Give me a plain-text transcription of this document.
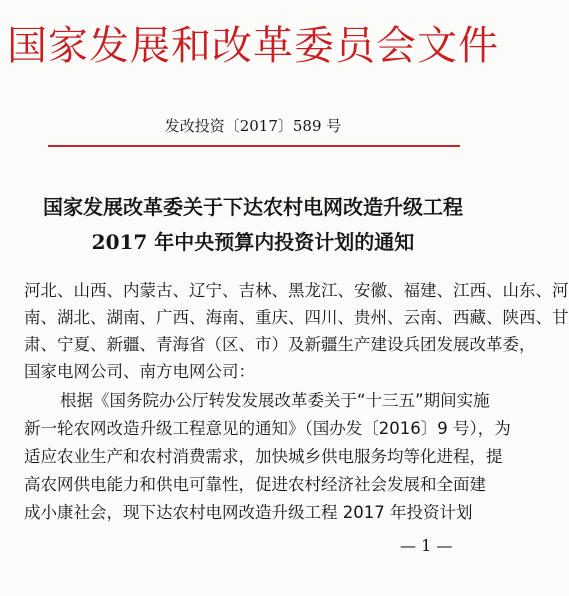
国家发展和改革委员会文件
发改投资〔2017〕589 号
国家发展改革委关于下达农村电网改造升级工程
2017 年中央预算内投资计划的通知
河北、山西、内蒙古、辽宁、吉林、黑龙江、安徽、福建、江西、山东、河
南、湖北、湖南、广西、海南、重庆、四川、贵州、云南、西藏、陕西、甘
肃、宁夏、新疆、青海省（区、市）及新疆生产建设兵团发展改革委，
国家电网公司、南方电网公司：
根据《国务院办公厅转发发展改革委关于“十三五”期间实施
新一轮农网改造升级工程意见的通知》（国办发〔2016〕9 号），为
适应农业生产和农村消费需求，加快城乡供电服务均等化进程，提
高农网供电能力和供电可靠性，促进农村经济社会发展和全面建
成小康社会，现下达农村电网改造升级工程 2017 年投资计划
— 1 —
